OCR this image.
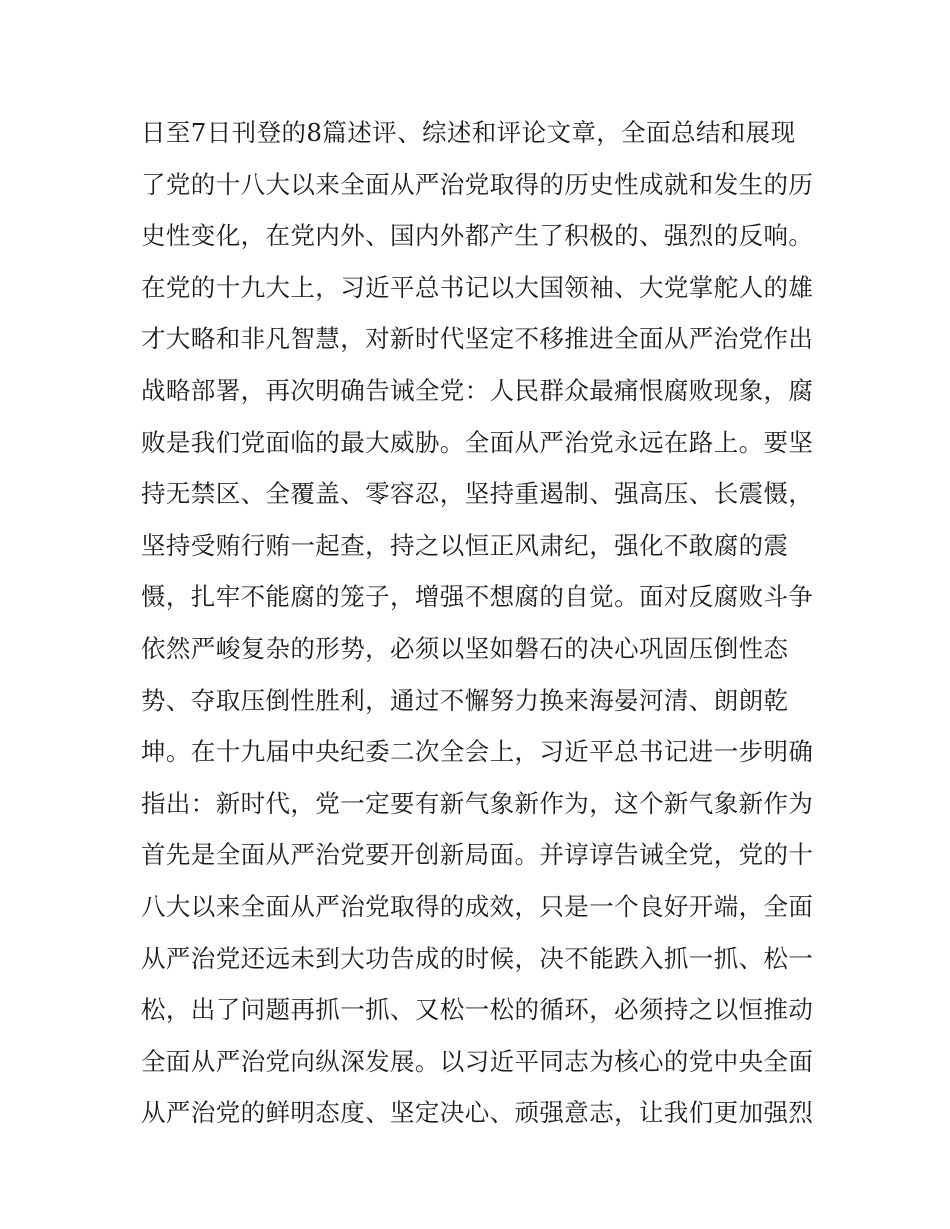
日至7日刊登的8篇述评、综述和评论文章，全面总结和展现
了党的十八大以来全面从严治党取得的历史性成就和发生的历
史性变化，在党内外、国内外都产生了积极的、强烈的反响。
在党的十九大上，习近平总书记以大国领袖、大党掌舵人的雄
才大略和非凡智慧，对新时代坚定不移推进全面从严治党作出
战略部署，再次明确告诫全党：人民群众最痛恨腐败现象，腐
败是我们党面临的最大威胁。全面从严治党永远在路上。要坚
持无禁区、全覆盖、零容忍，坚持重遏制、强高压、长震慑，
坚持受贿行贿一起查，持之以恒正风肃纪，强化不敢腐的震
慑，扎牢不能腐的笼子，增强不想腐的自觉。面对反腐败斗争
依然严峻复杂的形势，必须以坚如磐石的决心巩固压倒性态
势、夺取压倒性胜利，通过不懈努力换来海晏河清、朗朗乾
坤。在十九届中央纪委二次全会上，习近平总书记进一步明确
指出：新时代，党一定要有新气象新作为，这个新气象新作为
首先是全面从严治党要开创新局面。并谆谆告诫全党，党的十
八大以来全面从严治党取得的成效，只是一个良好开端，全面
从严治党还远未到大功告成的时候，决不能跌入抓一抓、松一
松，出了问题再抓一抓、又松一松的循环，必须持之以恒推动
全面从严治党向纵深发展。以习近平同志为核心的党中央全面
从严治党的鲜明态度、坚定决心、顽强意志，让我们更加强烈
